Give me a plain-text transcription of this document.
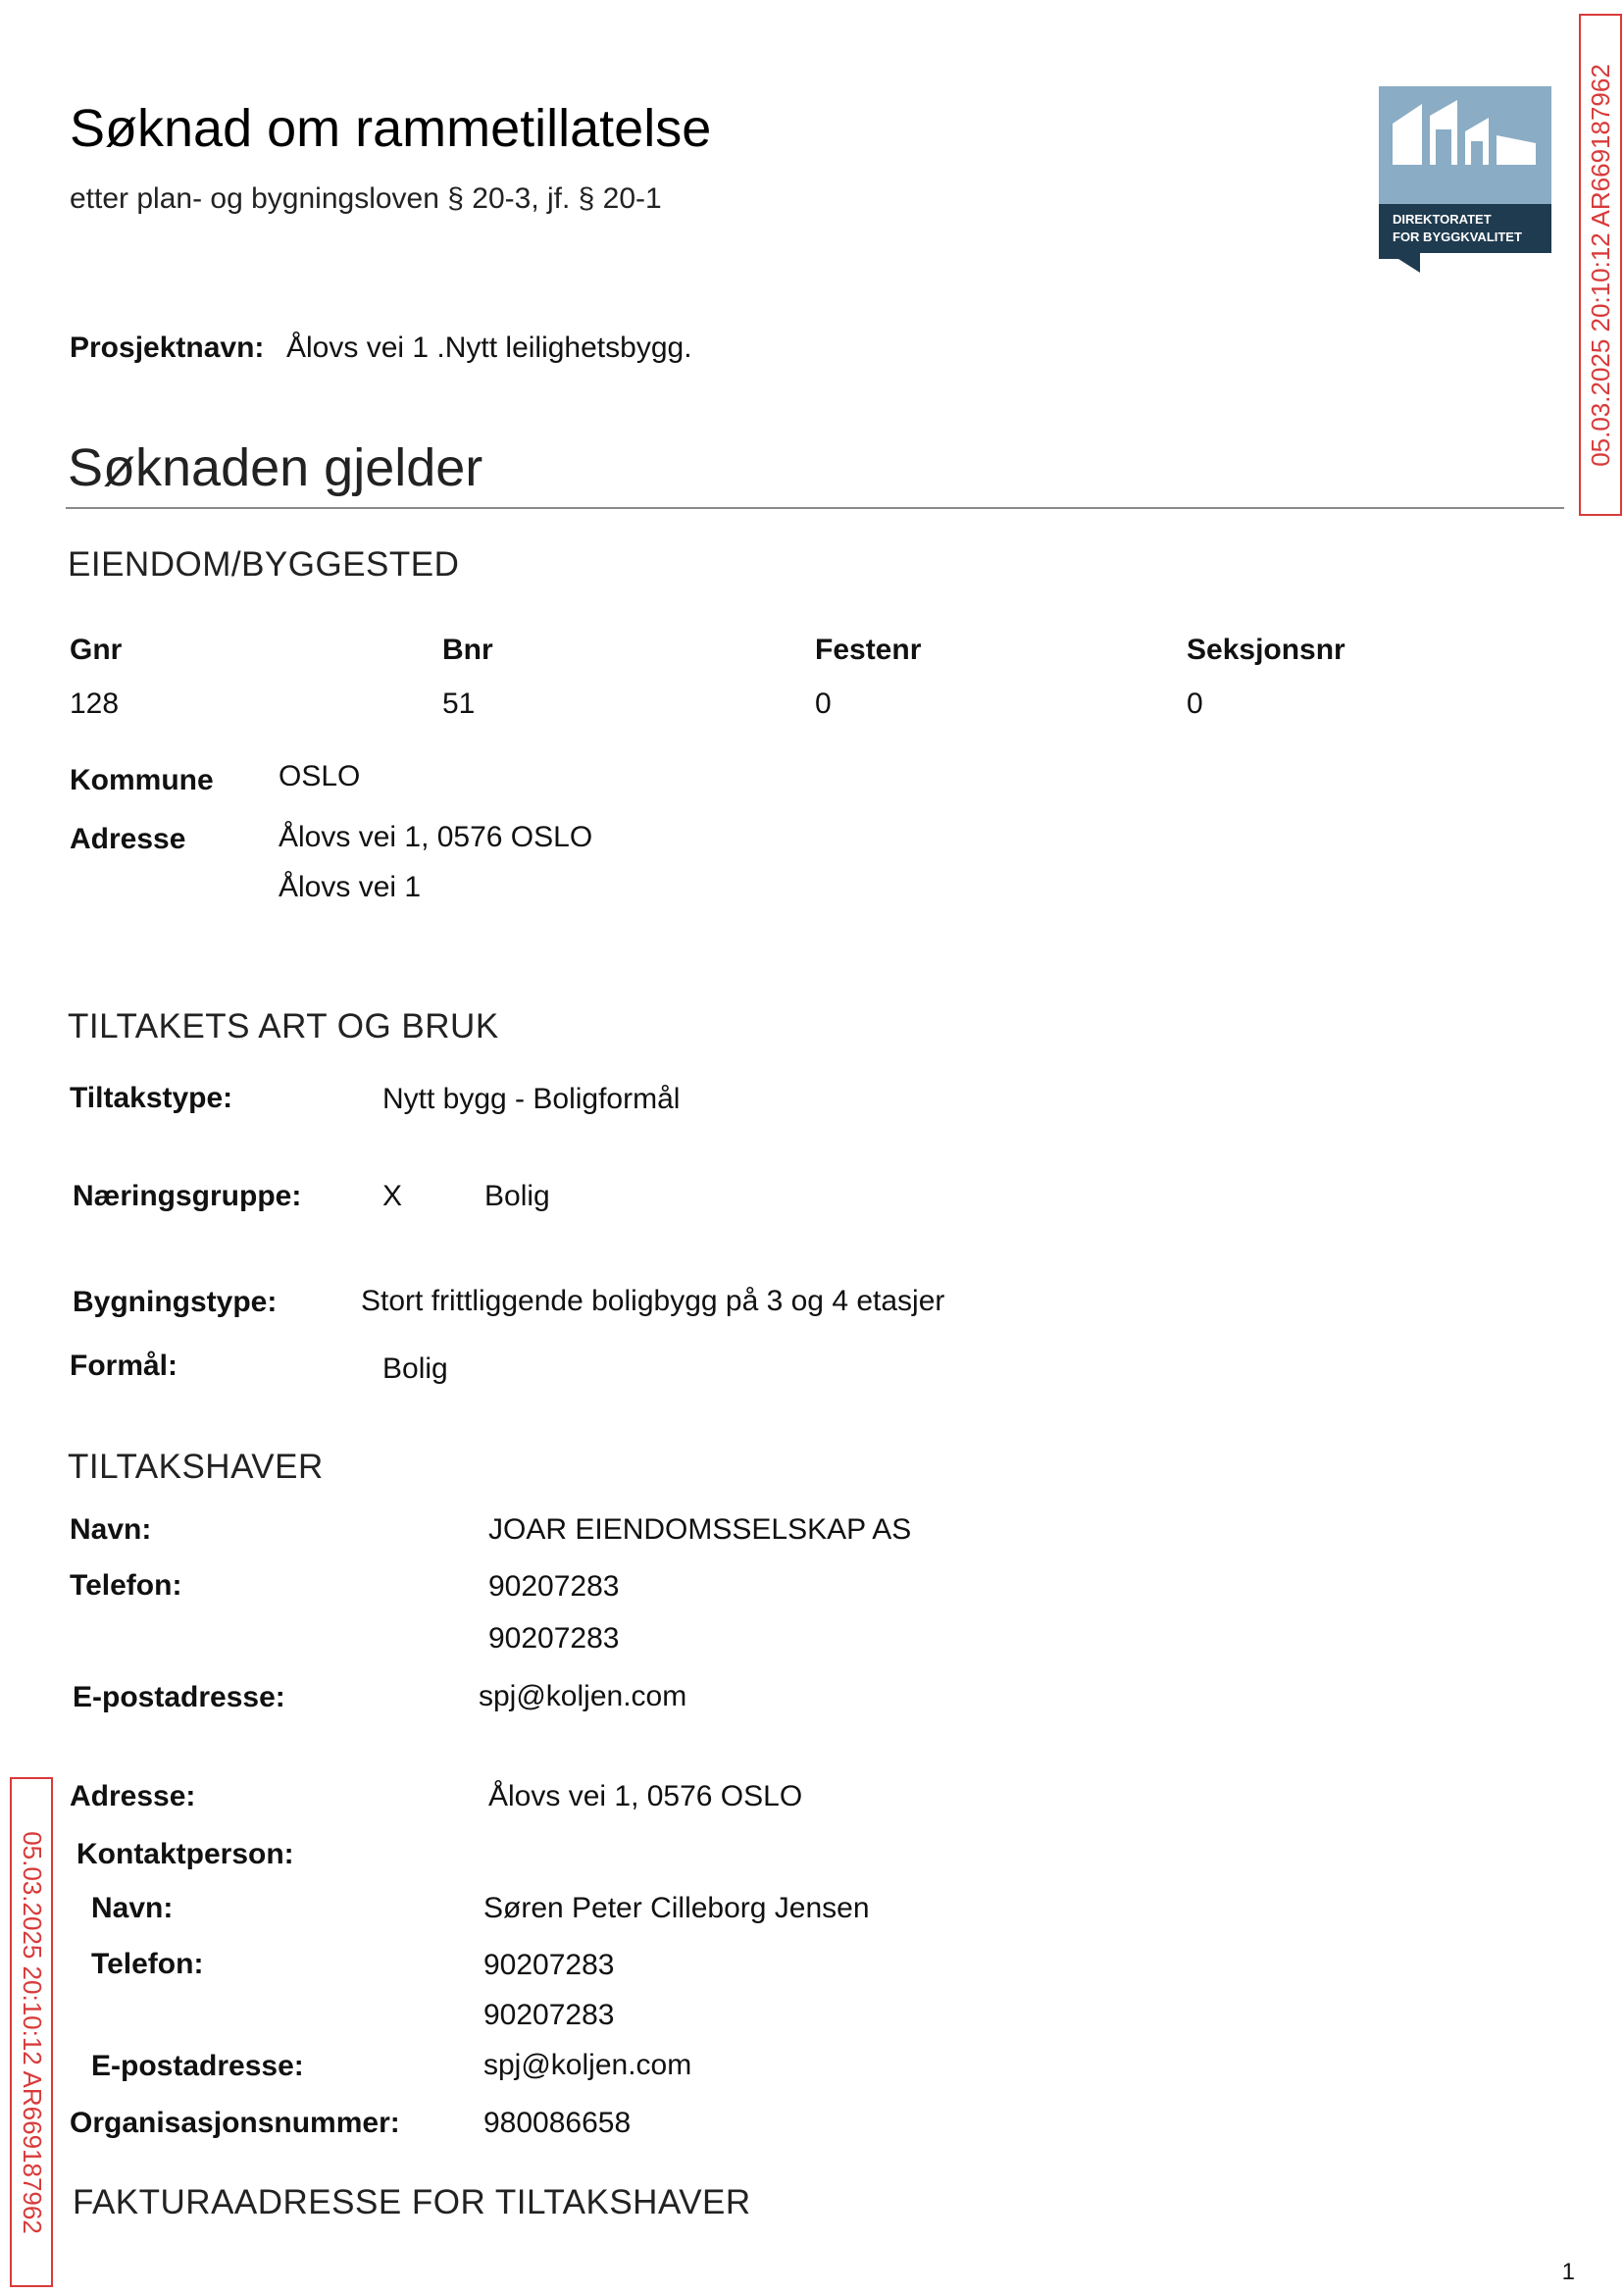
Søknad om rammetillatelse
etter plan- og bygningsloven § 20-3, jf. § 20-1
DIREKTORATET
FOR BYGGKVALITET 05.03.2025 20:10:12 AR669187962
05.03.2025 20:10:12 AR669187962
Prosjektnavn: Ålovs vei 1 .Nytt leilighetsbygg.
Søknaden gjelder
EIENDOM/BYGGESTED
Gnr	Bnr	Festenr	Seksjonsnr
128	51	0	0
Kommune OSLO
Adresse	Ålovs vei 1, 0576 OSLO
Ålovs vei 1
TILTAKETS ART OG BRUK
Tiltakstype:	Nytt bygg - Boligformål
Næringsgruppe:	X	Bolig
Bygningstype:	Stort frittliggende boligbygg på 3 og 4 etasjer
Formål:	Bolig
TILTAKSHAVER
Navn:	JOAR EIENDOMSSELSKAP AS
Telefon:	90207283
90207283
E-postadresse:	spj@koljen.com
Adresse:	Ålovs vei 1, 0576 OSLO
Kontaktperson:
Navn:	Søren Peter Cilleborg Jensen
Telefon:	90207283
90207283
E-postadresse:	spj@koljen.com
Organisasjonsnummer:	980086658
FAKTURAADRESSE FOR TILTAKSHAVER
1
